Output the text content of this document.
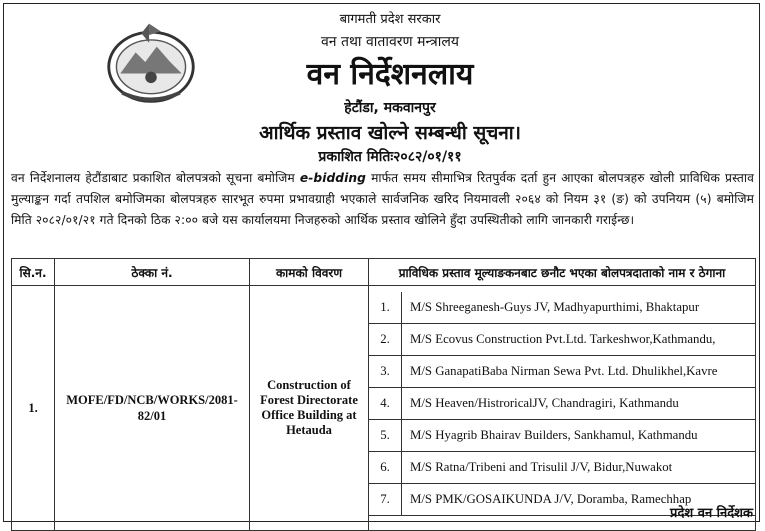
बागमती प्रदेश सरकार
वन तथा वातावरण मन्त्रालय
वन निर्देशनलाय
हेटौंडा, मकवानपुर
आर्थिक प्रस्ताव खोल्ने सम्बन्धी सूचना।
प्रकाशित मितिः२०८२/०१/११
वन निर्देशनालय हेटौंडाबाट प्रकाशित बोलपत्रको सूचना बमोजिम e-bidding मार्फत समय सीमाभित्र रितपुर्वक दर्ता हुन आएका बोलपत्रहरु खोली प्राविधिक प्रस्ताव मुल्याङ्कन गर्दा तपशिल बमोजिमका बोलपत्रहरु सारभूत रुपमा प्रभावग्राही भएकाले सार्वजनिक खरिद नियमावली २०६४ को नियम ३१ (ङ) को उपनियम (५) बमोजिम मिति २०८२/०१/२१ गते दिनको ठिक २:०० बजे यस कार्यालयमा निजहरुको आर्थिक प्रस्ताव खोलिने हुँदा उपस्थितीको लागि जानकारी गराईन्छ।
सि.न.	ठेक्का नं.	कामको विवरण	प्राविधिक प्रस्ताव मूल्याङकनबाट छनौट भएका बोलपत्रदाताको नाम र ठेगाना
1.	MOFE/FD/NCB/WORKS/2081-82/01	Construction of Forest Directorate Office Building at Hetauda	
1.	M/S Shreeganesh-Guys JV, Madhyapurthimi, Bhaktapur
2.	M/S Ecovus Construction Pvt.Ltd. Tarkeshwor,Kathmandu,
3.	M/S GanapatiBaba Nirman Sewa Pvt. Ltd. Dhulikhel,Kavre
4.	M/S Heaven/HistroricalJV, Chandragiri, Kathmandu
5.	M/S Hyagrib Bhairav Builders, Sankhamul, Kathmandu
6.	M/S Ratna/Tribeni and Trisulil J/V, Bidur,Nuwakot
7.	M/S PMK/GOSAIKUNDA J/V, Doramba, Ramechhap
प्रदेश वन निर्देशक
